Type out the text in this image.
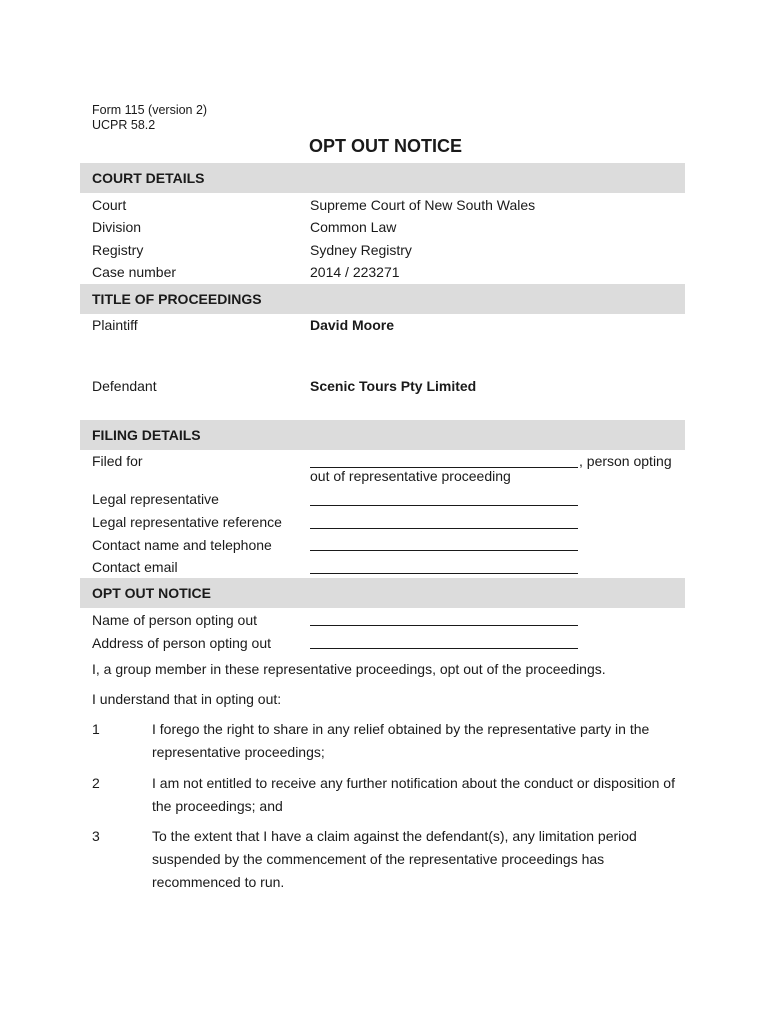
Form 115 (version 2)
UCPR 58.2
OPT OUT NOTICE
COURT DETAILS
Court	Supreme Court of New South Wales
Division	Common Law
Registry	Sydney Registry
Case number	2014 / 223271
TITLE OF PROCEEDINGS
Plaintiff	David Moore
Defendant	Scenic Tours Pty Limited
FILING DETAILS
Filed for	, person opting
out of representative proceeding
Legal representative
Legal representative reference
Contact name and telephone
Contact email
OPT OUT NOTICE
Name of person opting out
Address of person opting out
I, a group member in these representative proceedings, opt out of the proceedings.
I understand that in opting out:
1	I forego the right to share in any relief obtained by the representative party in the representative proceedings;
2	I am not entitled to receive any further notification about the conduct or disposition of the proceedings; and
3	To the extent that I have a claim against the defendant(s), any limitation period suspended by the commencement of the representative proceedings has recommenced to run.
